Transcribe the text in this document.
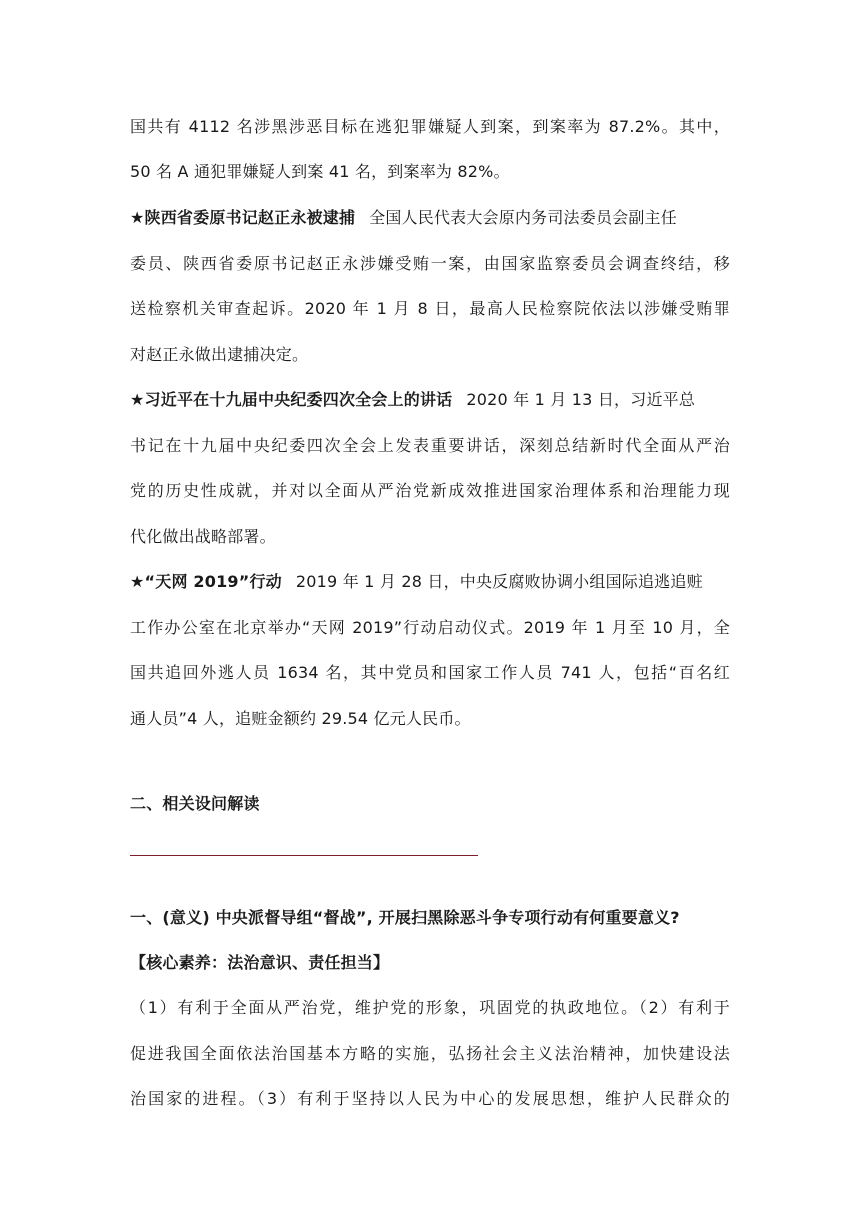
国共有 4112 名涉黑涉恶目标在逃犯罪嫌疑人到案，到案率为 87.2%。其中，
50 名 A 通犯罪嫌疑人到案 41 名，到案率为 82%。
★陕西省委原书记赵正永被逮捕 全国人民代表大会原内务司法委员会副主任
委员、陕西省委原书记赵正永涉嫌受贿一案，由国家监察委员会调查终结，移
送检察机关审查起诉。2020 年 1 月 8 日，最高人民检察院依法以涉嫌受贿罪
对赵正永做出逮捕决定。
★习近平在十九届中央纪委四次全会上的讲话 2020 年 1 月 13 日，习近平总
书记在十九届中央纪委四次全会上发表重要讲话，深刻总结新时代全面从严治
党的历史性成就，并对以全面从严治党新成效推进国家治理体系和治理能力现
代化做出战略部署。
★“天网 2019”行动 2019 年 1 月 28 日，中央反腐败协调小组国际追逃追赃
工作办公室在北京举办“天网 2019”行动启动仪式。2019 年 1 月至 10 月，全
国共追回外逃人员 1634 名，其中党员和国家工作人员 741 人，包括“百名红
通人员”4 人，追赃金额约 29.54 亿元人民币。
二、相关设问解读
一、(意义) 中央派督导组“督战”, 开展扫黑除恶斗争专项行动有何重要意义?
【核心素养：法治意识、责任担当】
（1）有利于全面从严治党，维护党的形象，巩固党的执政地位。（2）有利于
促进我国全面依法治国基本方略的实施，弘扬社会主义法治精神，加快建设法
治国家的进程。（3）有利于坚持以人民为中心的发展思想，维护人民群众的
